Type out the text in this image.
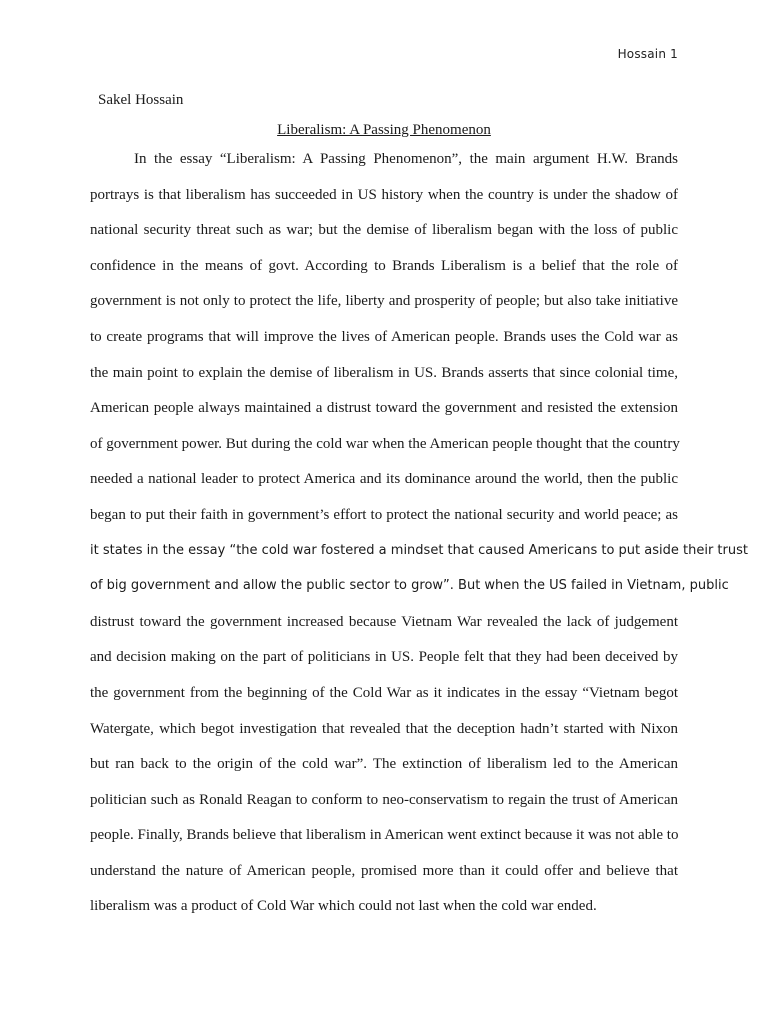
Hossain 1
Sakel Hossain
Liberalism: A Passing Phenomenon
In the essay “Liberalism: A Passing Phenomenon”, the main argument H.W. Brands
portrays is that liberalism has succeeded in US history when the country is under the shadow of
national security threat such as war; but the demise of liberalism began with the loss of public
confidence in the means of govt. According to Brands Liberalism is a belief that the role of
government is not only to protect the life, liberty and prosperity of people; but also take initiative
to create programs that will improve the lives of American people. Brands uses the Cold war as
the main point to explain the demise of liberalism in US. Brands asserts that since colonial time,
American people always maintained a distrust toward the government and resisted the extension
of government power. But during the cold war when the American people thought that the country
needed a national leader to protect America and its dominance around the world, then the public
began to put their faith in government’s effort to protect the national security and world peace; as
it states in the essay “the cold war fostered a mindset that caused Americans to put aside their trust
of big government and allow the public sector to grow”. But when the US failed in Vietnam, public
distrust toward the government increased because Vietnam War revealed the lack of judgement
and decision making on the part of politicians in US. People felt that they had been deceived by
the government from the beginning of the Cold War as it indicates in the essay “Vietnam begot
Watergate, which begot investigation that revealed that the deception hadn’t started with Nixon
but ran back to the origin of the cold war”. The extinction of liberalism led to the American
politician such as Ronald Reagan to conform to neo-conservatism to regain the trust of American
people. Finally, Brands believe that liberalism in American went extinct because it was not able to
understand the nature of American people, promised more than it could offer and believe that
liberalism was a product of Cold War which could not last when the cold war ended.
